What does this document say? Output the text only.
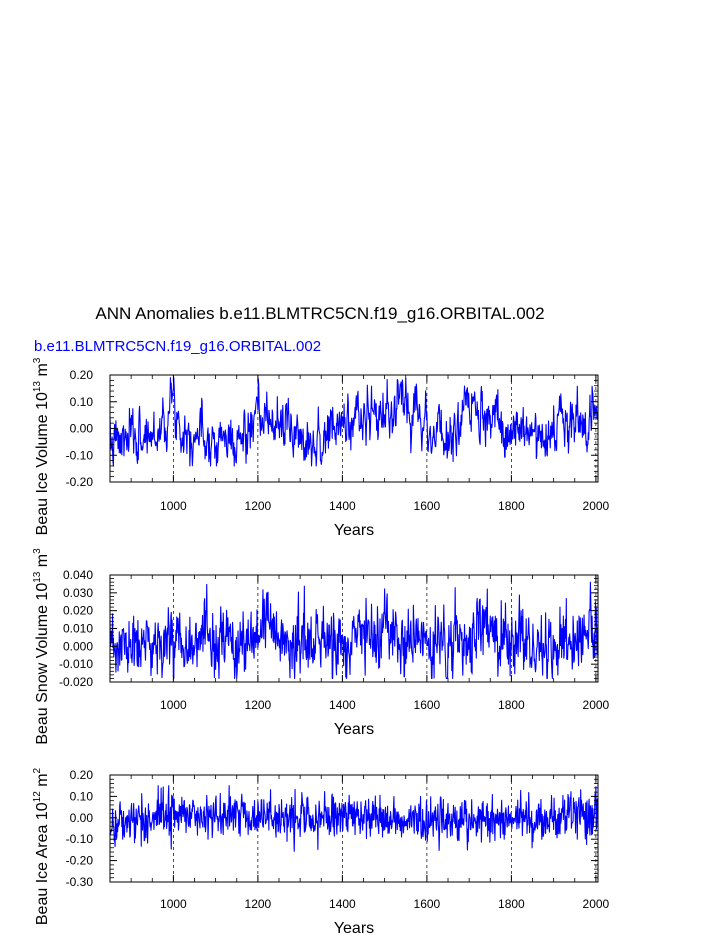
ANN Anomalies b.e11.BLMTRC5CN.f19_g16.ORBITAL.002
b.e11.BLMTRC5CN.f19_g16.ORBITAL.002
1000	1200	1400	1600	1800	2000
-0.20
-0.10
0.00
0.10
0.20
Years
Beau Ice Volume $10^{13}$ $m^3$
1000	1200	1400	1600	1800	2000
-0.020
-0.010
0.000
0.010
0.020
0.030
0.040
Years
Beau Snow Volume $10^{13}$ $m^3$
1000	1200	1400	1600	1800	2000
-0.30
-0.20
-0.10
0.00
0.10
0.20
Years
Beau Ice Area $10^{12}$ $m^2$
